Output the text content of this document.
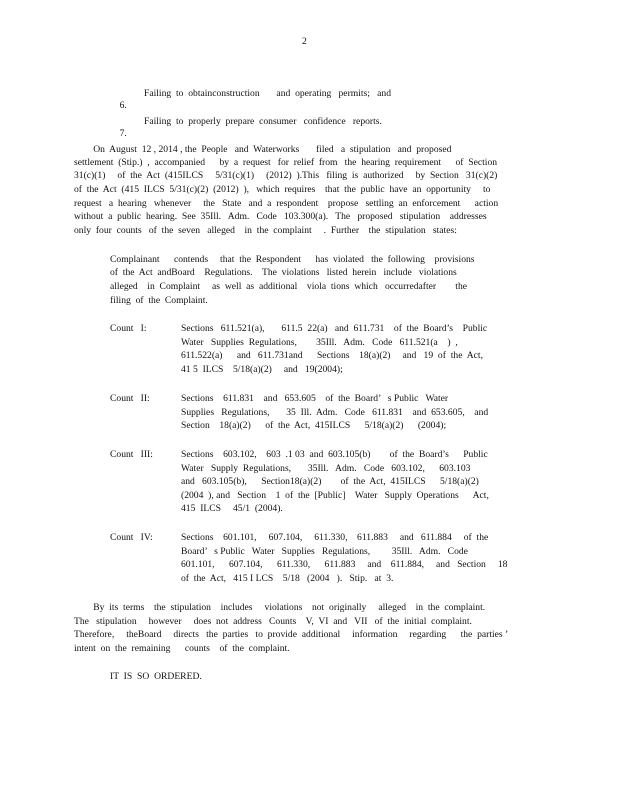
2

6.

Failing  to  obtainconstruction       and  operating   permits;   and

7.

Failing  to  properly  prepare  consumer   confidence   reports.

On  August  12 , 2014 , the  People   and  Waterworks       filed   a  stipulation   and  proposed
settlement  (Stip.)  ,  accompanied      by  a  request   for  relief  from   the  hearing  requirement      of  Section
31(c)(1)     of  the  Act  (415ILCS     5/31(c)(1)     (2012)  ).This   filing  is  authorized     by  Section   31(c)(2)
of  the  Act  (415  ILCS  5/31(c)(2)  (2012)  ),   which  requires    that  the  public  have  an  opportunity     to
request   a  hearing   whenever     the   State   and  a  respondent    propose   settling  an  enforcement      action
without  a  public  hearing.  See  35Ill.   Adm.   Code   103.300(a).   The   proposed   stipulation    addresses
only  four  counts   of  the  seven   alleged    in  the  complaint     .  Further    the  stipulation   states:
Complainant      contends     that  the  Respondent      has  violated   the  following    provisions
of  the  Act  andBoard    Regulations.    The  violations   listed  herein   include   violations
alleged    in  Complaint     as  well  as  additional    viola  tions  which   occurredafter        the
filing  of  the  Complaint.
Count   I:	Sections   611.521(a),       611.5  22(a)   and  611.731    of  the  Board’s    Public
Water   Supplies  Regulations,        35Ill.   Adm.   Code   611.521(a    )  ,
611.522(a)      and   611.731and      Sections    18(a)(2)     and   19  of  the  Act,
41 5  ILCS    5/18(a)(2)     and   19(2004);
Count   II:	Sections    611.831    and   653.605    of  the  Board’   s Public   Water
Supplies   Regulations,       35  Ill.  Adm.   Code   611.831    and  653.605,    and
Section    18(a)(2)      of  the  Act,  415ILCS      5/18(a)(2)      (2004);
Count   III:	Sections    603.102,    603  .1 03  and  603.105(b)        of  the  Board’s      Public
Water   Supply  Regulations,       35Ill.   Adm.   Code   603.102,      603.103
and   603.105(b),      Section18(a)(2)        of  the  Act,  415ILCS      5/18(a)(2)
(2004  ), and   Section    1  of  the  [Public]    Water   Supply  Operations      Act,
415  ILCS     45/1  (2004).
Count   IV:	Sections    601.101,     607.104,     611.330,    611.883     and   611.884     of  the
Board’   s Public   Water   Supplies   Regulations,         35Ill.   Adm.   Code
601.101,      607.104,      611.330,      611.883     and    611.884,     and   Section     18
of  the  Act,   415 I LCS    5/18   (2004   ).   Stip.   at  3.
By  its  terms    the  stipulation    includes     violations    not  originally     alleged    in  the  complaint.
The   stipulation     however     does  not  address   Counts    V,  VI  and   VII   of  the  initial  complaint.
Therefore,     theBoard     directs   the  parties   to  provide  additional     information     regarding      the  parties ’
intent  on  the  remaining      counts    of  the  complaint.
IT  IS  SO  ORDERED.
